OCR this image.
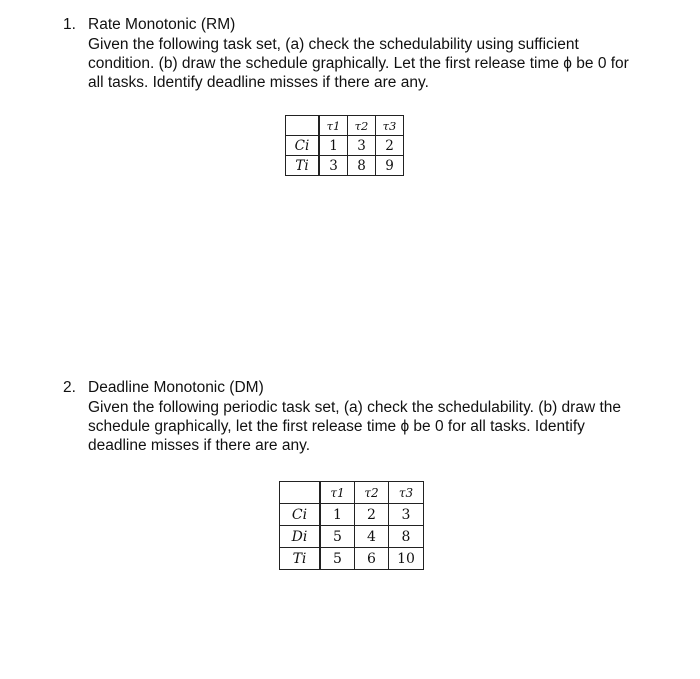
1. Rate Monotonic (RM)
Given the following task set, (a) check the schedulability using sufficient
condition. (b) draw the schedule graphically. Let the first release time ϕ be 0 for
all tasks. Identify deadline misses if there are any.
	τ1	τ2	τ3
Ci	1	3	2
Ti	3	8	9
2. Deadline Monotonic (DM)
Given the following periodic task set, (a) check the schedulability. (b) draw the
schedule graphically, let the first release time ϕ be 0 for all tasks. Identify
deadline misses if there are any.
	τ1	τ2	τ3
Ci	1	2	3
Di	5	4	8
Ti	5	6	10
